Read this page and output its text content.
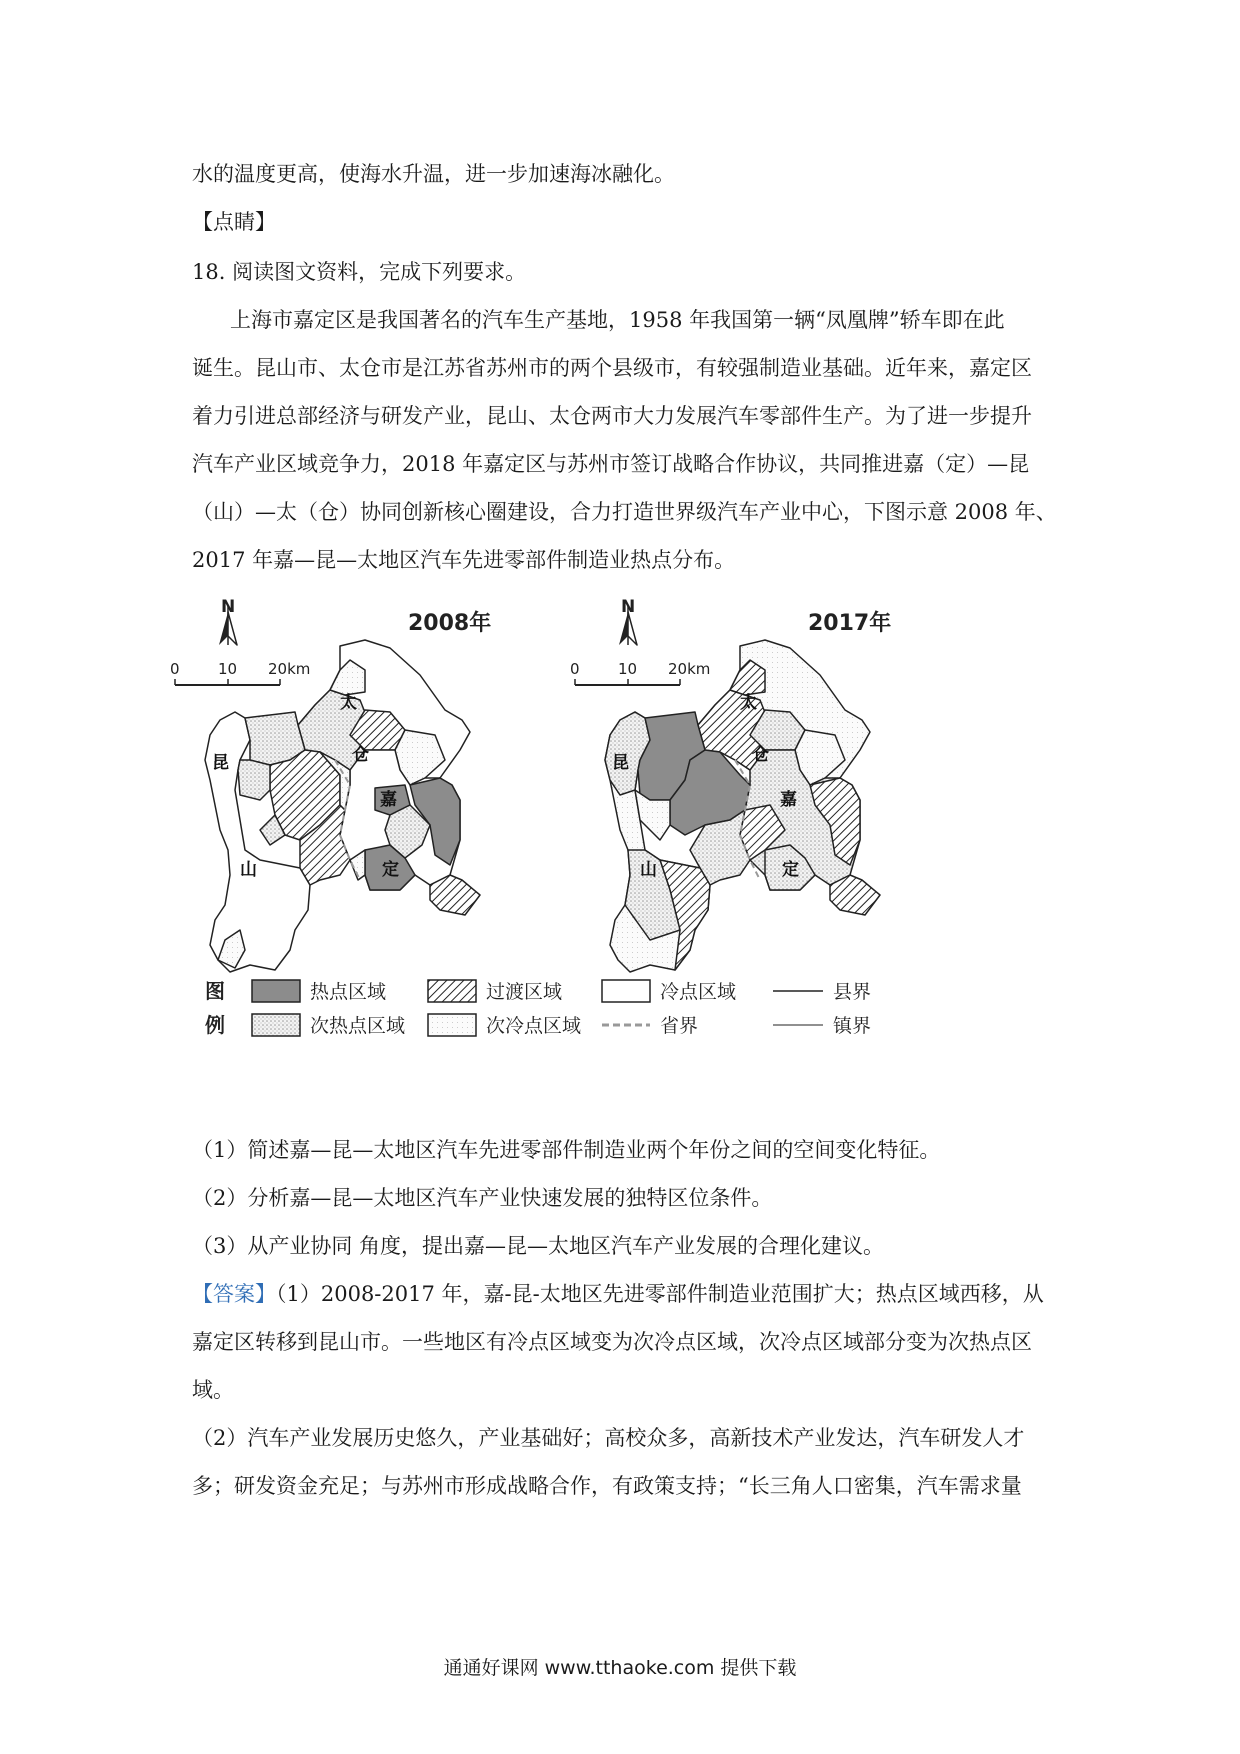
水的温度更高，使海水升温，进一步加速海冰融化。

【点睛】

18. 阅读图文资料，完成下列要求。

上海市嘉定区是我国著名的汽车生产基地，1958 年我国第一辆“凤凰牌”轿车即在此

诞生。昆山市、太仓市是江苏省苏州市的两个县级市，有较强制造业基础。近年来，嘉定区

着力引进总部经济与研发产业，昆山、太仓两市大力发展汽车零部件生产。为了进一步提升

汽车产业区域竞争力，2018 年嘉定区与苏州市签订战略合作协议，共同推进嘉（定）—昆

（山）—太（仓）协同创新核心圈建设，合力打造世界级汽车产业中心，下图示意 2008 年、

2017 年嘉—昆—太地区汽车先进零部件制造业热点分布。

N
0	10 20km
2008年
太
仓
嘉
定
昆
山
N
0	10 20km
2017年
太
仓
嘉
定
昆
山
图
例
热点区域	过渡区域	冷点区域	县界
次热点区域	次冷点区域	省界	镇界

（1）简述嘉—昆—太地区汽车先进零部件制造业两个年份之间的空间变化特征。

（2）分析嘉—昆—太地区汽车产业快速发展的独特区位条件。

（3）从产业协同 角度，提出嘉—昆—太地区汽车产业发展的合理化建议。

【答案】（1）2008-2017 年，嘉-昆-太地区先进零部件制造业范围扩大；热点区域西移，从

嘉定区转移到昆山市。一些地区有冷点区域变为次冷点区域，次冷点区域部分变为次热点区

域。

（2）汽车产业发展历史悠久，产业基础好；高校众多，高新技术产业发达，汽车研发人才

多；研发资金充足；与苏州市形成战略合作，有政策支持；“长三角人口密集，汽车需求量

通通好课网 www.tthaoke.com 提供下载
